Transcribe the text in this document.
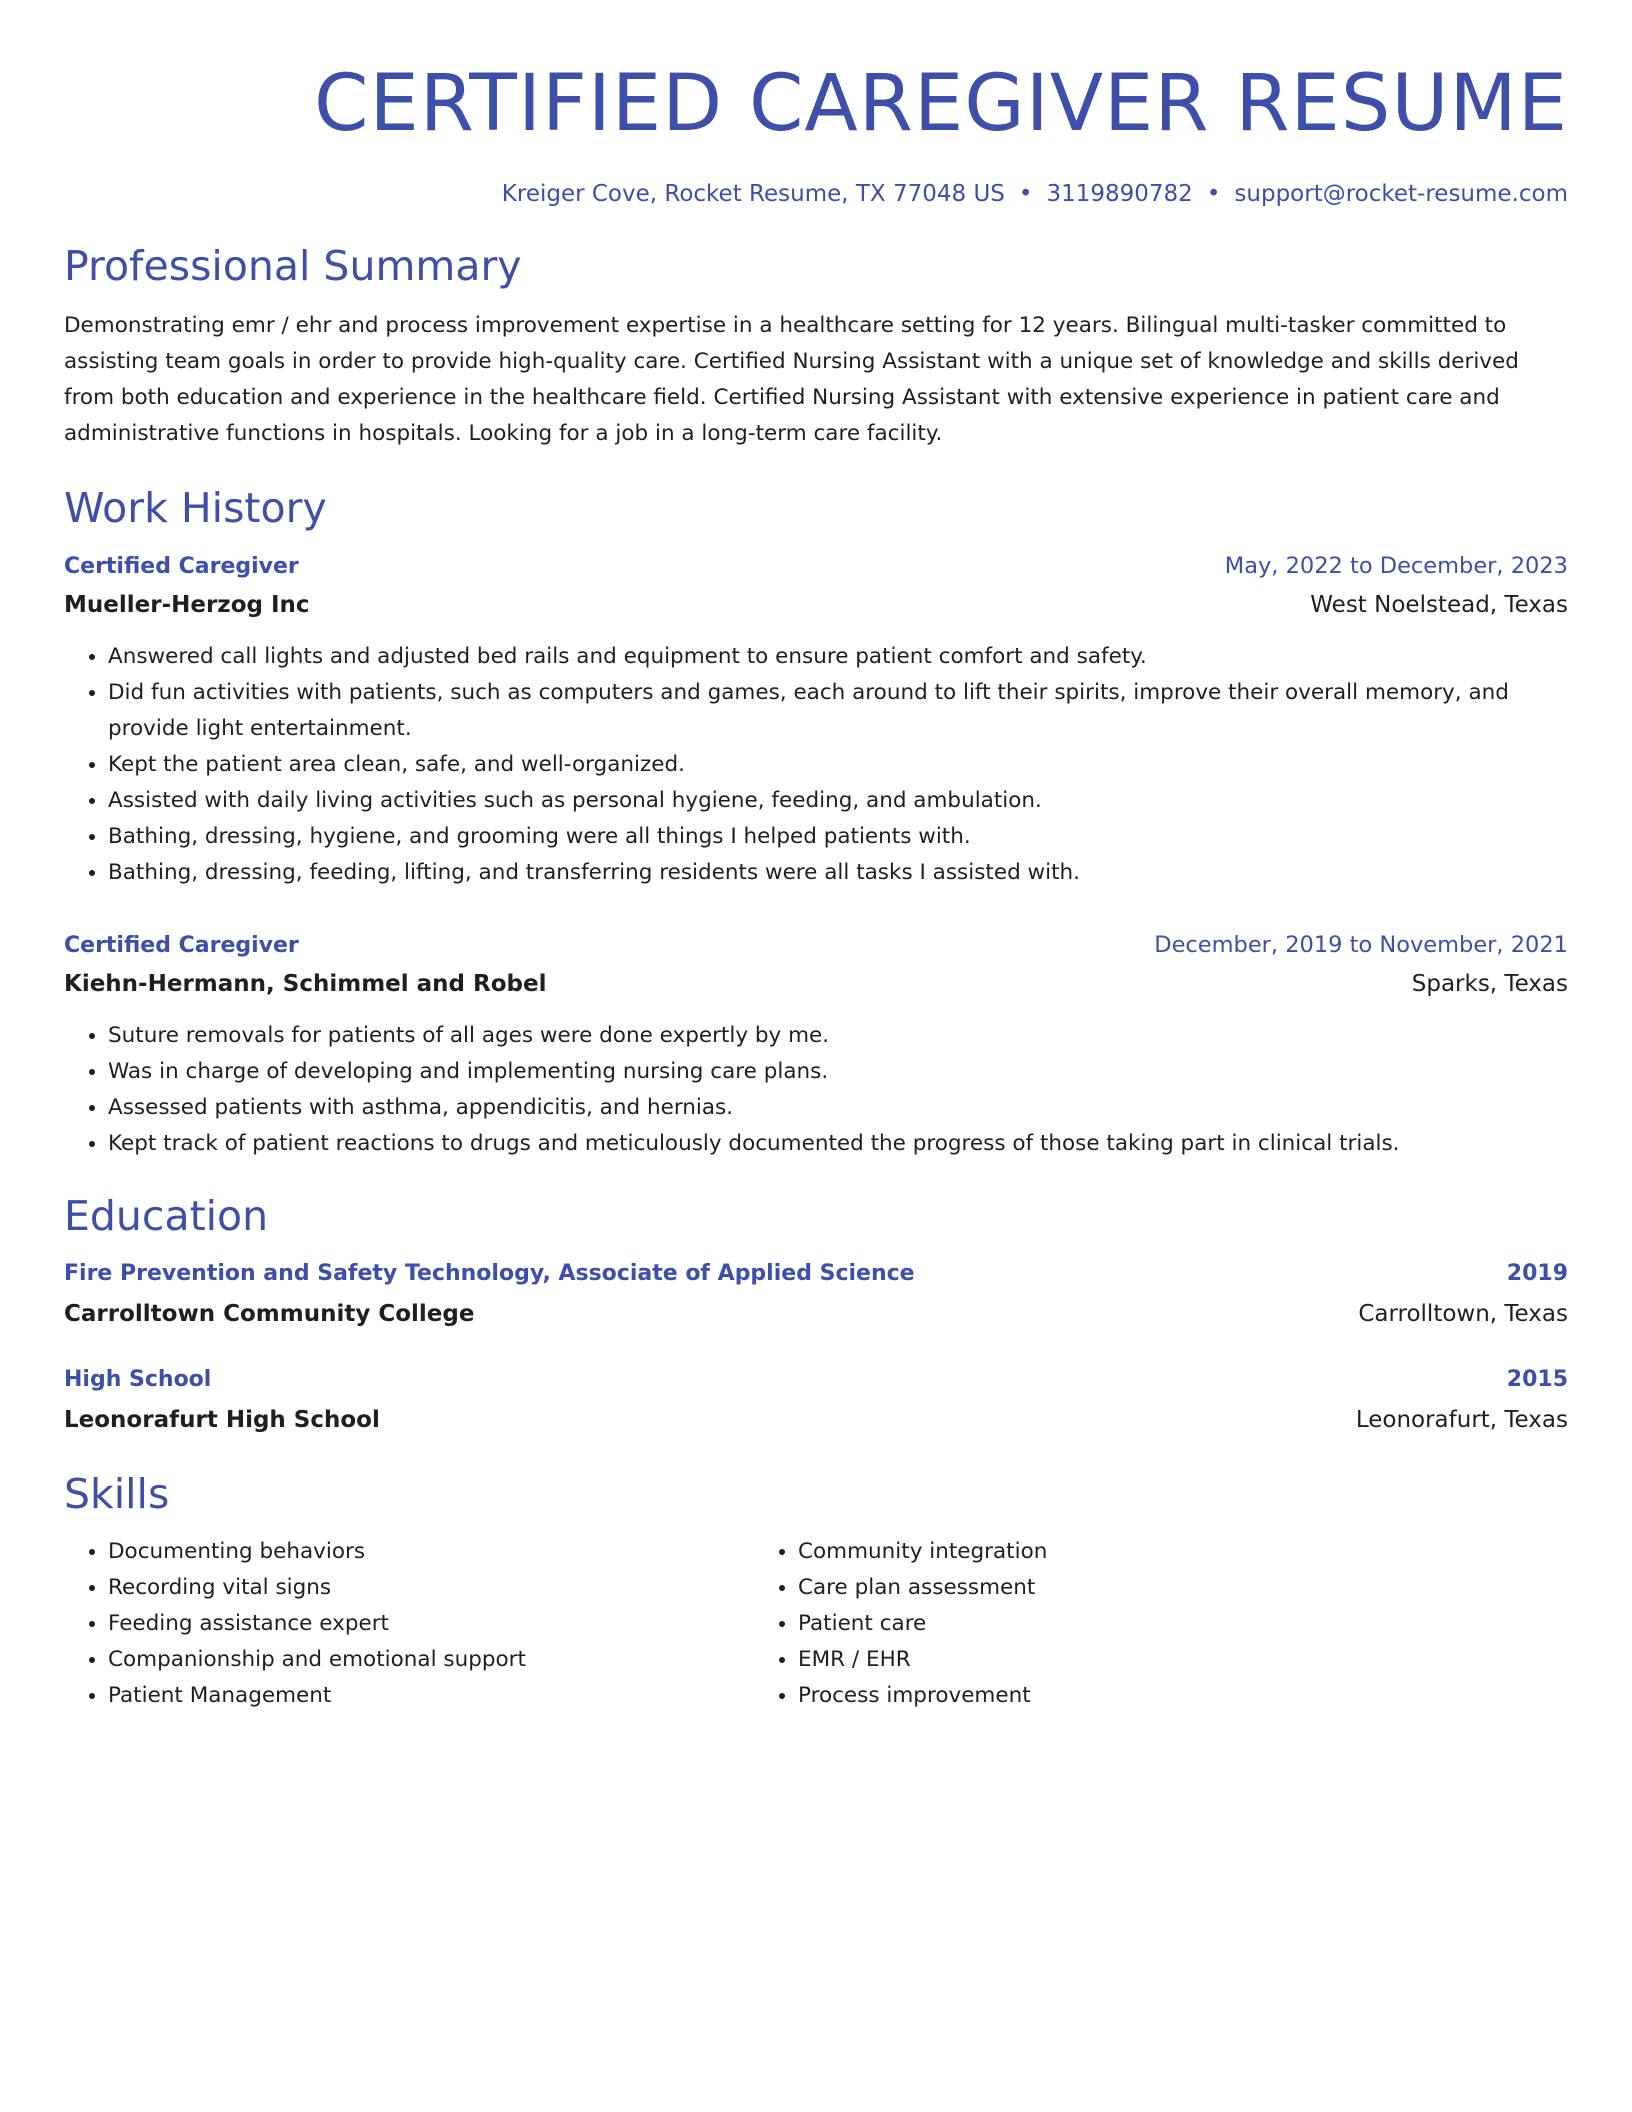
CERTIFIED CAREGIVER RESUME
Kreiger Cove, Rocket Resume, TX 77048 US • 3119890782 • support@rocket-resume.com
Professional Summary
Demonstrating emr / ehr and process improvement expertise in a healthcare setting for 12 years. Bilingual multi-tasker committed to assisting team goals in order to provide high-quality care. Certified Nursing Assistant with a unique set of knowledge and skills derived from both education and experience in the healthcare field. Certified Nursing Assistant with extensive experience in patient care and administrative functions in hospitals. Looking for a job in a long-term care facility.
Work History
Certified Caregiver	May, 2022 to December, 2023
Mueller-Herzog Inc	West Noelstead, Texas
• Answered call lights and adjusted bed rails and equipment to ensure patient comfort and safety.
• Did fun activities with patients, such as computers and games, each around to lift their spirits, improve their overall memory, and provide light entertainment.
• Kept the patient area clean, safe, and well-organized.
• Assisted with daily living activities such as personal hygiene, feeding, and ambulation.
• Bathing, dressing, hygiene, and grooming were all things I helped patients with.
• Bathing, dressing, feeding, lifting, and transferring residents were all tasks I assisted with.
Certified Caregiver	December, 2019 to November, 2021
Kiehn-Hermann, Schimmel and Robel	Sparks, Texas
• Suture removals for patients of all ages were done expertly by me.
• Was in charge of developing and implementing nursing care plans.
• Assessed patients with asthma, appendicitis, and hernias.
• Kept track of patient reactions to drugs and meticulously documented the progress of those taking part in clinical trials.
Education
Fire Prevention and Safety Technology, Associate of Applied Science	2019
Carrolltown Community College	Carrolltown, Texas
High School	2015
Leonorafurt High School	Leonorafurt, Texas
Skills
• Documenting behaviors
• Recording vital signs
• Feeding assistance expert
• Companionship and emotional support
• Patient Management
• Community integration
• Care plan assessment
• Patient care
• EMR / EHR
• Process improvement
